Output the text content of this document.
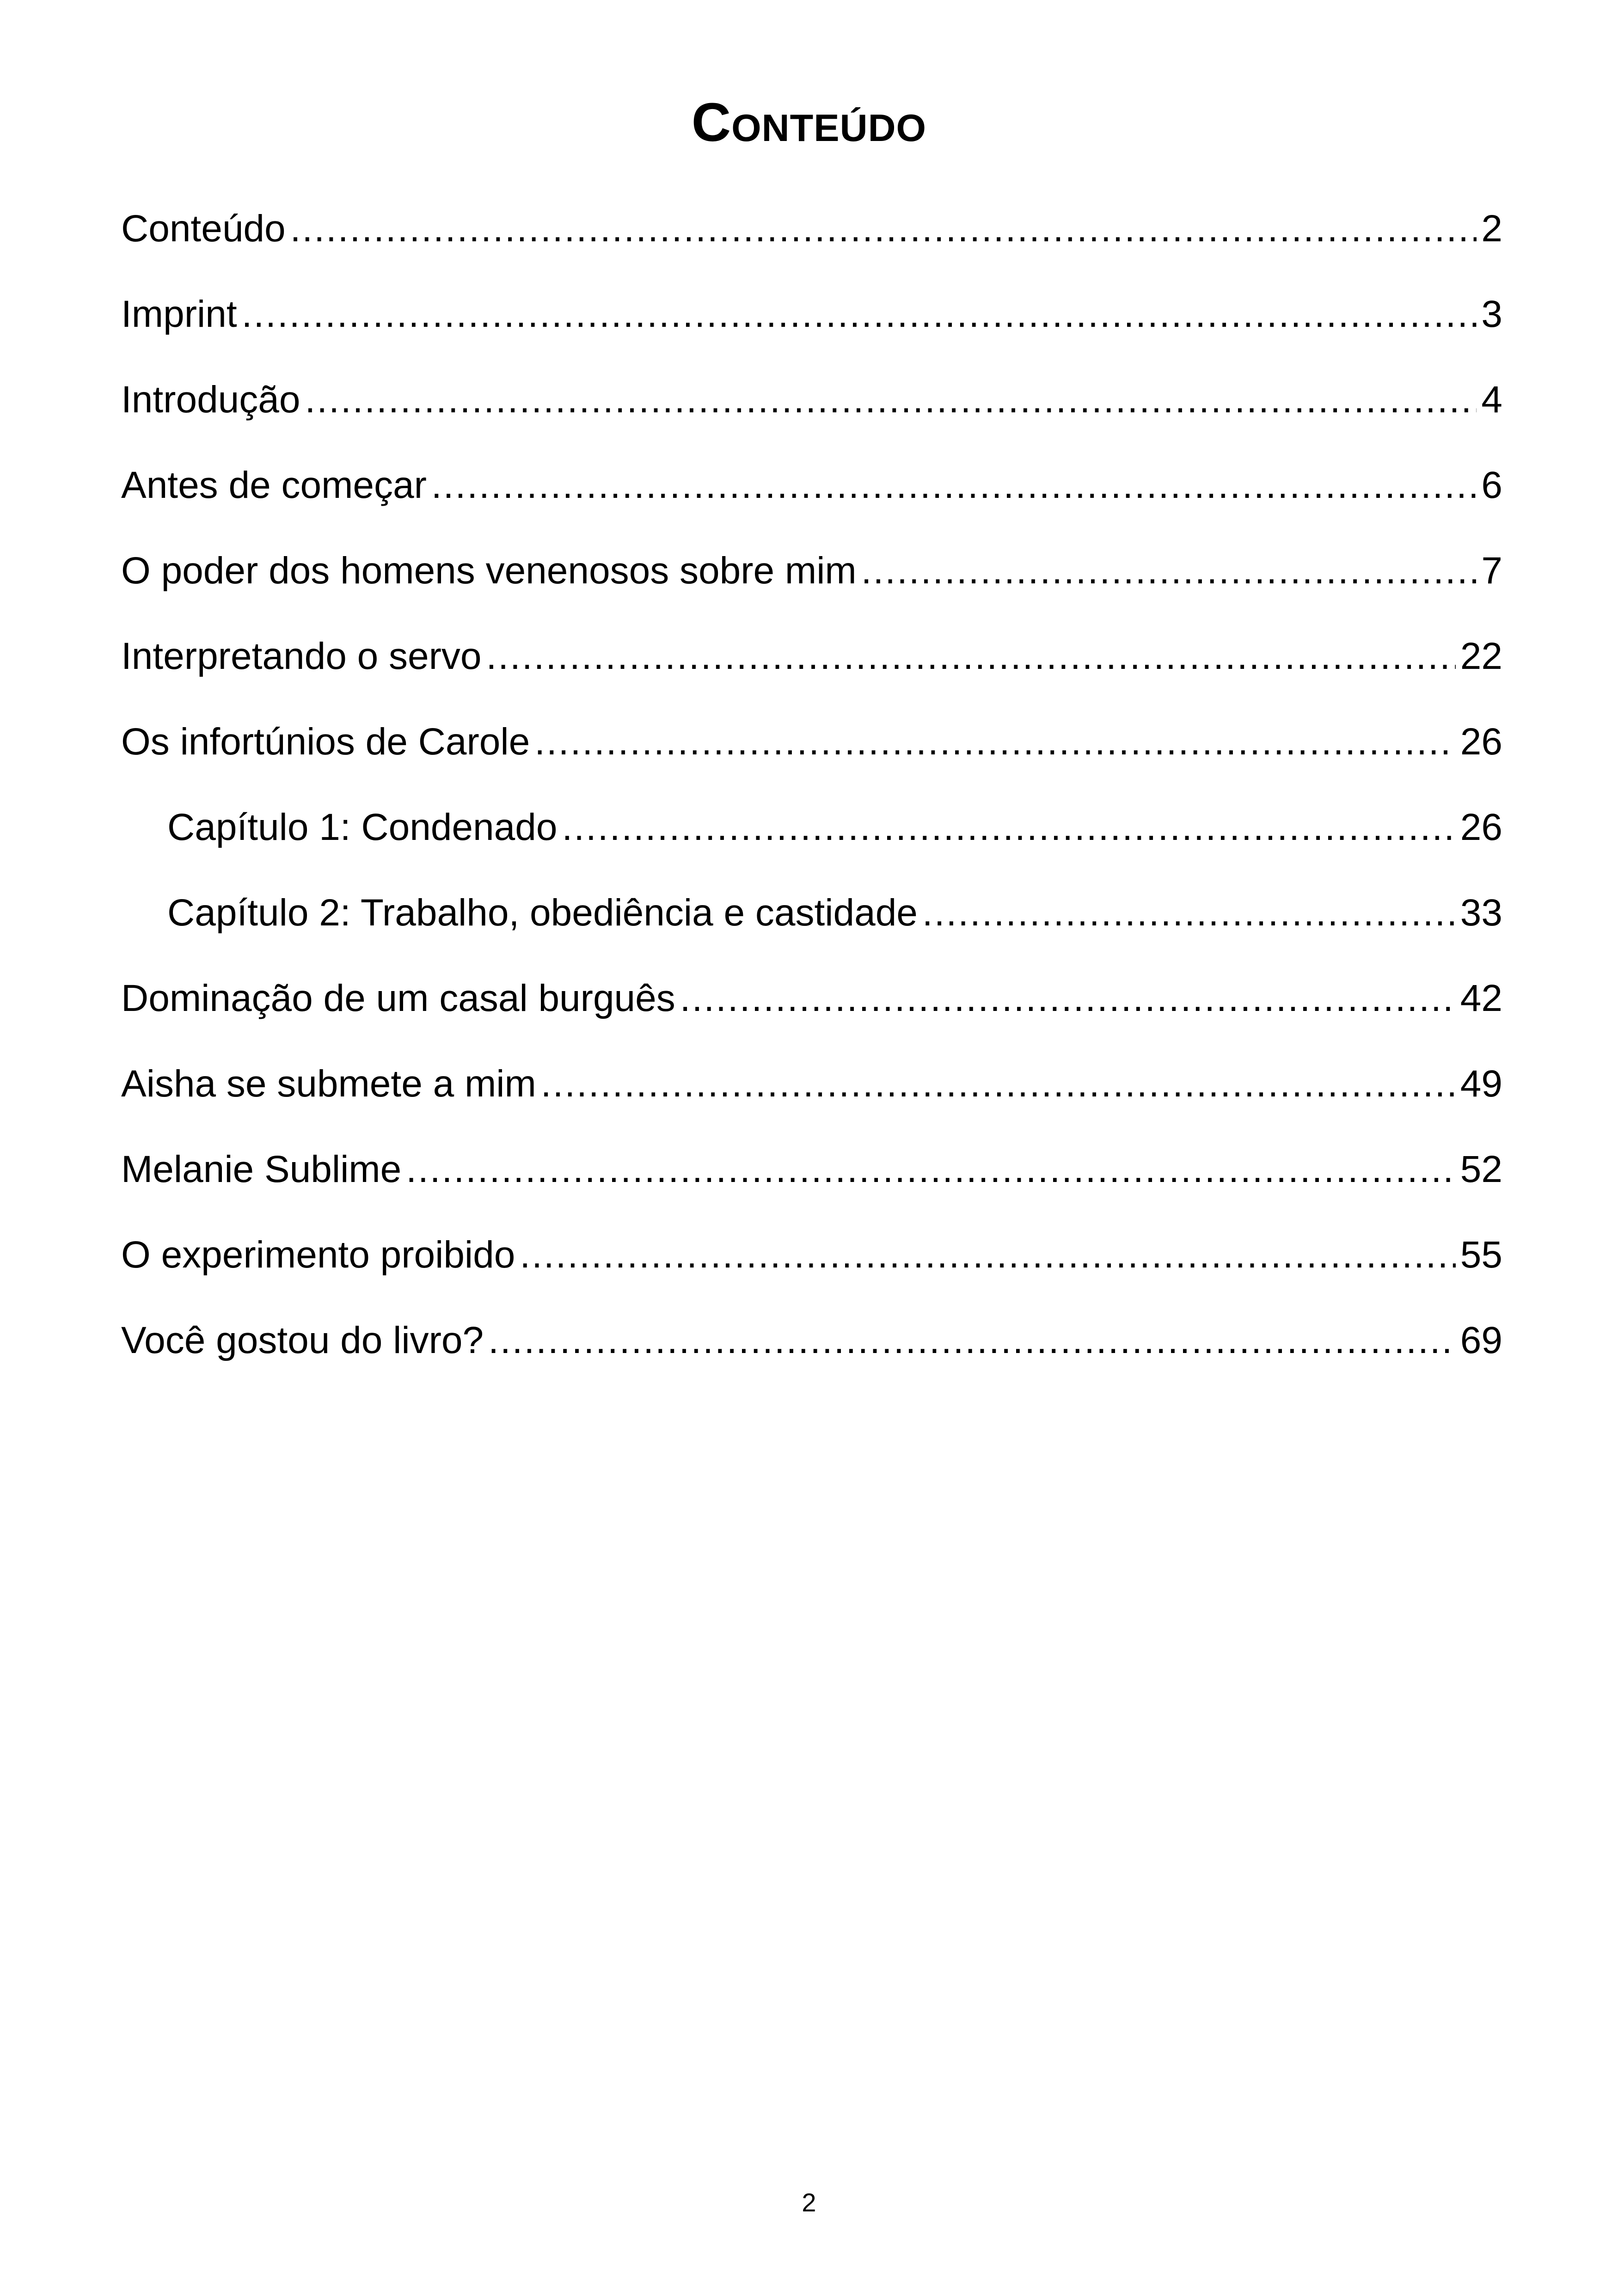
Conteúdo
Conteúdo .....	2
Imprint .....	3
Introdução .....	4
Antes de começar .....	6
O poder dos homens venenosos sobre mim .....	7
Interpretando o servo .....	22
Os infortúnios de Carole .....	26
Capítulo 1: Condenado .....	26
Capítulo 2: Trabalho, obediência e castidade .....	33
Dominação de um casal burguês .....	42
Aisha se submete a mim .....	49
Melanie Sublime .....	52
O experimento proibido .....	55
Você gostou do livro? .....	69
2
